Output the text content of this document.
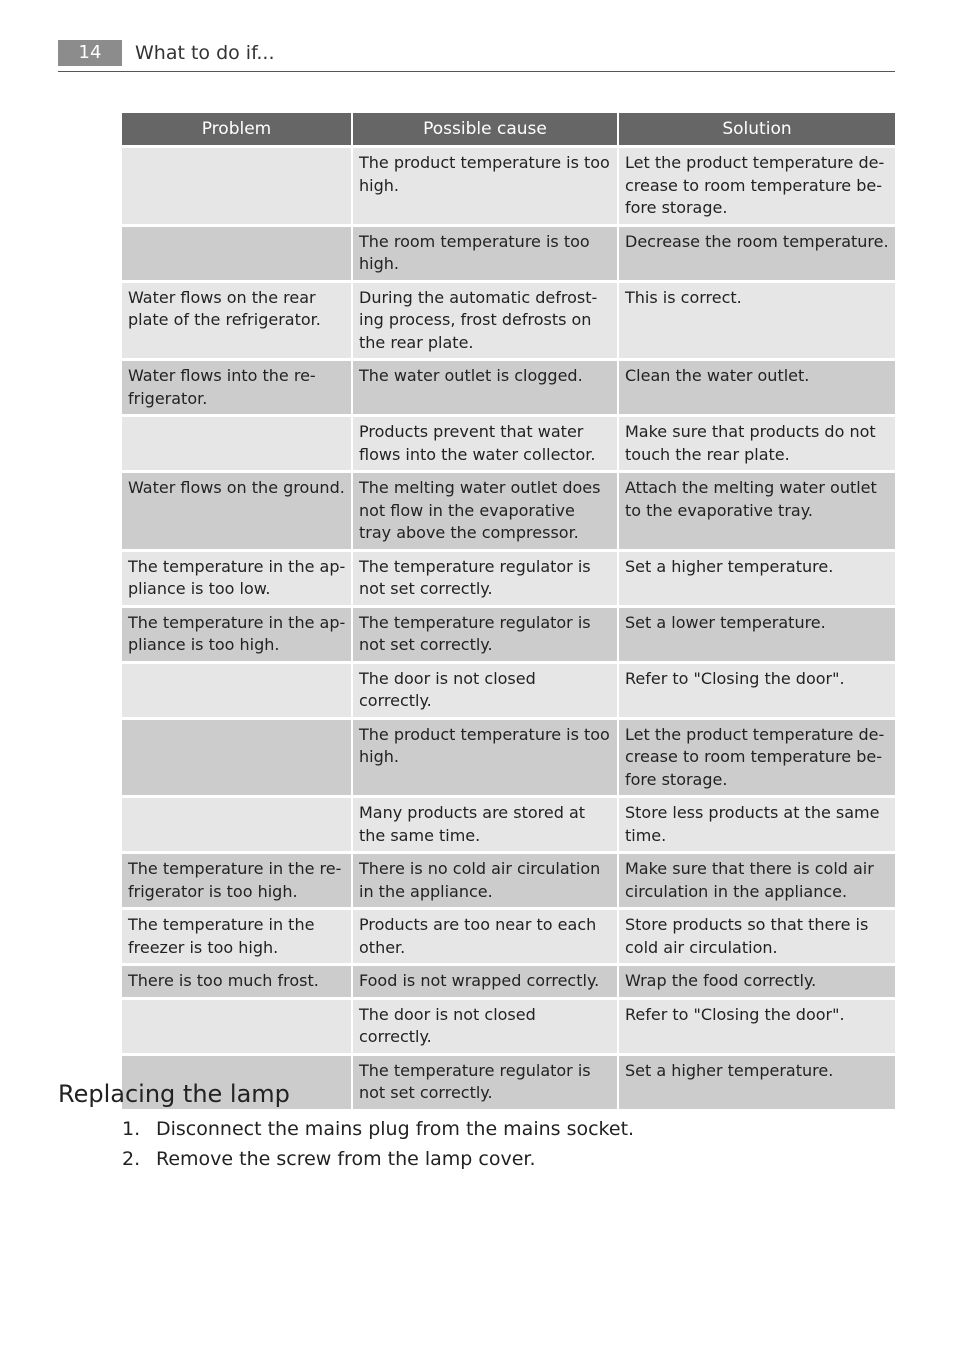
14	What to do if...
Problem	Possible cause	Solution
	The product temperature is too high.	Let the product temperature de-crease to room temperature be-fore storage.
	The room temperature is too high.	Decrease the room temperature.
Water flows on the rear plate of the refrigerator.	During the automatic defrost-ing process, frost defrosts on the rear plate.	This is correct.
Water flows into the re-frigerator.	The water outlet is clogged.	Clean the water outlet.
	Products prevent that water flows into the water collector.	Make sure that products do not touch the rear plate.
Water flows on the ground.	The melting water outlet does not flow in the evaporative tray above the compressor.	Attach the melting water outlet to the evaporative tray.
The temperature in the ap-pliance is too low.	The temperature regulator is not set correctly.	Set a higher temperature.
The temperature in the ap-pliance is too high.	The temperature regulator is not set correctly.	Set a lower temperature.
	The door is not closed correctly.	Refer to "Closing the door".
	The product temperature is too high.	Let the product temperature de-crease to room temperature be-fore storage.
	Many products are stored at the same time.	Store less products at the same time.
The temperature in the re-frigerator is too high.	There is no cold air circulation in the appliance.	Make sure that there is cold air circulation in the appliance.
The temperature in the freezer is too high.	Products are too near to each other.	Store products so that there is cold air circulation.
There is too much frost.	Food is not wrapped correctly.	Wrap the food correctly.
	The door is not closed correctly.	Refer to "Closing the door".
	The temperature regulator is not set correctly.	Set a higher temperature.
Replacing the lamp
1. Disconnect the mains plug from the mains socket.
2. Remove the screw from the lamp cover.
